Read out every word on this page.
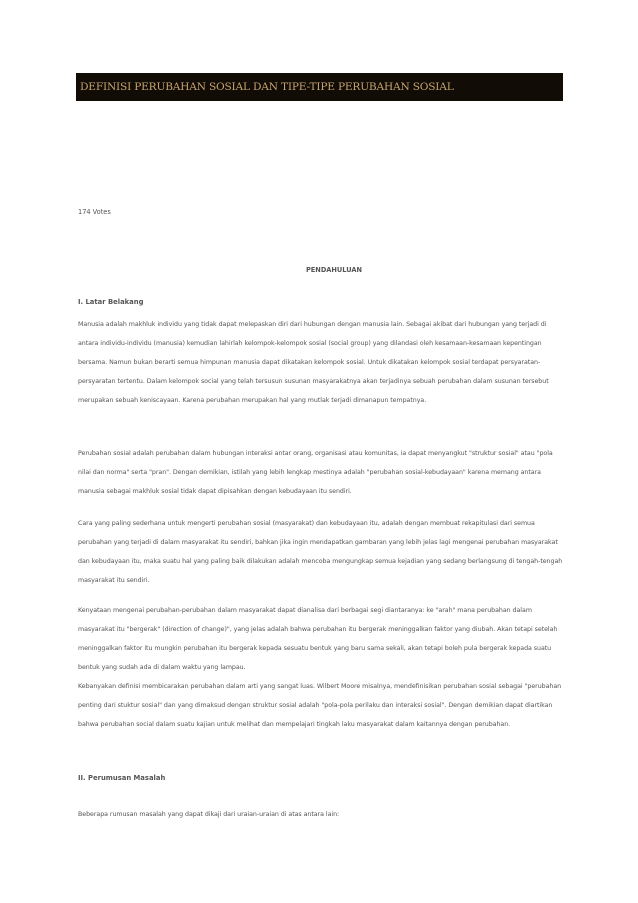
DEFINISI PERUBAHAN SOSIAL DAN TIPE-TIPE PERUBAHAN SOSIAL
174 Votes
PENDAHULUAN
I. Latar Belakang
Manusia adalah makhluk individu yang tidak dapat melepaskan diri dari hubungan dengan manusia lain. Sebagai akibat dari hubungan yang terjadi di
antara individu-individu (manusia) kemudian lahirlah kelompok-kelompok sosial (social group) yang dilandasi oleh kesamaan-kesamaan kepentingan
bersama. Namun bukan berarti semua himpunan manusia dapat dikatakan kelompok sosial. Untuk dikatakan kelompok sosial terdapat persyaratan-
persyaratan tertentu. Dalam kelompok social yang telah tersusun susunan masyarakatnya akan terjadinya sebuah perubahan dalam susunan tersebut
merupakan sebuah keniscayaan. Karena perubahan merupakan hal yang mutlak terjadi dimanapun tempatnya.
Perubahan sosial adalah perubahan dalam hubungan interaksi antar orang, organisasi atau komunitas, ia dapat menyangkut "struktur sosial" atau "pola
nilai dan norma" serta "pran". Dengan demikian, istilah yang lebih lengkap mestinya adalah "perubahan sosial-kebudayaan" karena memang antara
manusia sebagai makhluk sosial tidak dapat dipisahkan dengan kebudayaan itu sendiri.
Cara yang paling sederhana untuk mengerti perubahan sosial (masyarakat) dan kebudayaan itu, adalah dengan membuat rekapitulasi dari semua
perubahan yang terjadi di dalam masyarakat itu sendiri, bahkan jika ingin mendapatkan gambaran yang lebih jelas lagi mengenai perubahan masyarakat
dan kebudayaan itu, maka suatu hal yang paling baik dilakukan adalah mencoba mengungkap semua kejadian yang sedang berlangsung di tengah-tengah
masyarakat itu sendiri.
Kenyataan mengenai perubahan-perubahan dalam masyarakat dapat dianalisa dari berbagai segi diantaranya: ke "arah" mana perubahan dalam
masyarakat itu "bergerak" (direction of change)", yang jelas adalah bahwa perubahan itu bergerak meninggalkan faktor yang diubah. Akan tetapi setelah
meninggalkan faktor itu mungkin perubahan itu bergerak kepada sesuatu bentuk yang baru sama sekali, akan tetapi boleh pula bergerak kepada suatu
bentuk yang sudah ada di dalam waktu yang lampau.
Kebanyakan definisi membicarakan perubahan dalam arti yang sangat luas. Wilbert Moore misalnya, mendefinisikan perubahan sosial sebagai "perubahan
penting dari stuktur sosial" dan yang dimaksud dengan struktur sosial adalah "pola-pola perilaku dan interaksi sosial". Dengan demikian dapat diartikan
bahwa perubahan social dalam suatu kajian untuk melihat dan mempelajari tingkah laku masyarakat dalam kaitannya dengan perubahan.
II. Perumusan Masalah
Beberapa rumusan masalah yang dapat dikaji dari uraian-uraian di atas antara lain:
